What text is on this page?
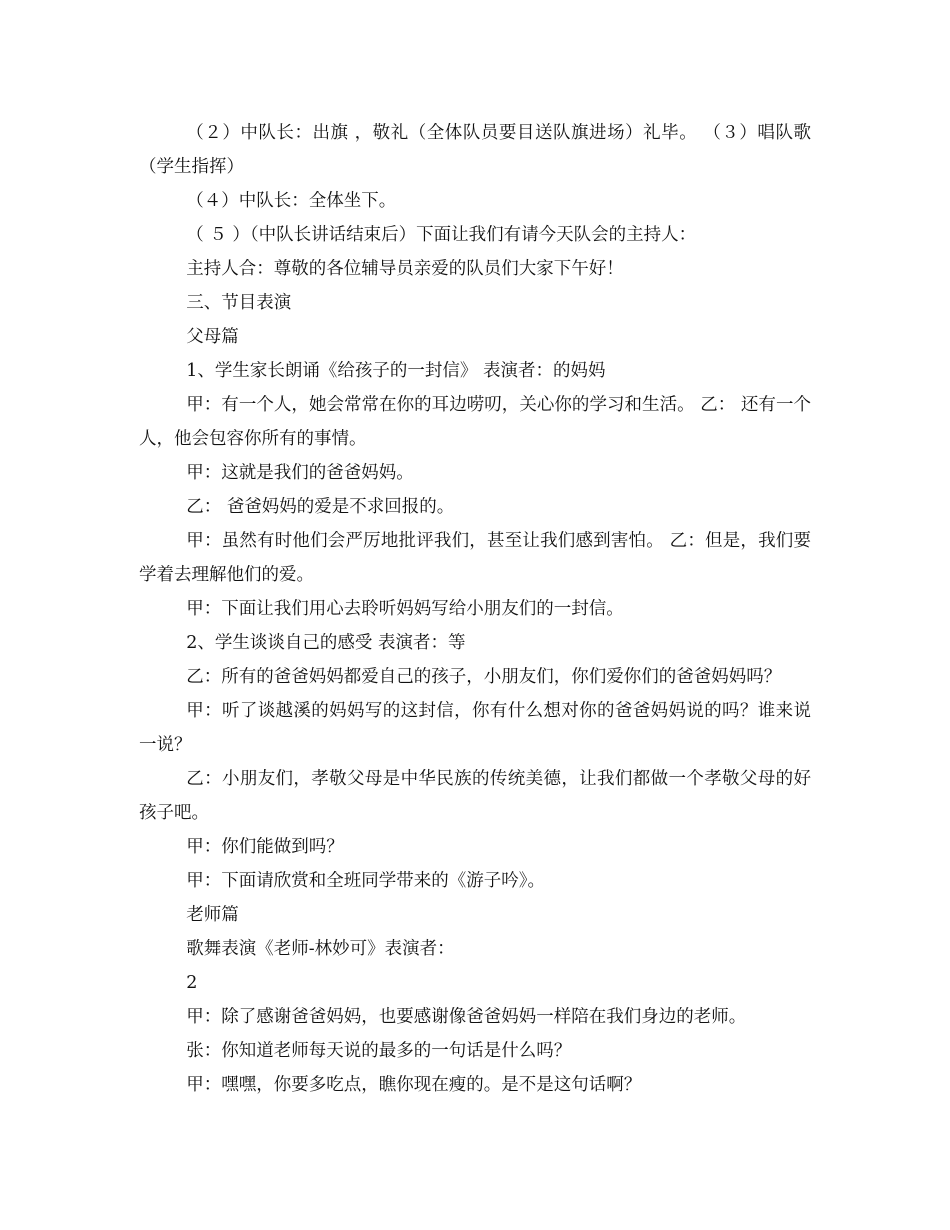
（２）中队长：出旗 ，敬礼（全体队员要目送队旗进场）礼毕。 （３）唱队歌（学生指挥）

（４）中队长：全体坐下。

（ ５ ）（中队长讲话结束后）下面让我们有请今天队会的主持人：

主持人合：尊敬的各位辅导员亲爱的队员们大家下午好！

三、节目表演

父母篇

1、学生家长朗诵《给孩子的一封信》 表演者：的妈妈

甲：有一个人，她会常常在你的耳边唠叨，关心你的学习和生活。 乙： 还有一个人，他会包容你所有的事情。

甲：这就是我们的爸爸妈妈。

乙： 爸爸妈妈的爱是不求回报的。

甲：虽然有时他们会严厉地批评我们，甚至让我们感到害怕。 乙：但是，我们要学着去理解他们的爱。

甲：下面让我们用心去聆听妈妈写给小朋友们的一封信。

2、学生谈谈自己的感受 表演者：等

乙：所有的爸爸妈妈都爱自己的孩子，小朋友们，你们爱你们的爸爸妈妈吗？

甲：听了谈越溪的妈妈写的这封信，你有什么想对你的爸爸妈妈说的吗？谁来说一说？

乙：小朋友们，孝敬父母是中华民族的传统美德，让我们都做一个孝敬父母的好孩子吧。

甲：你们能做到吗？

甲：下面请欣赏和全班同学带来的《游子吟》。

老师篇

歌舞表演《老师-林妙可》表演者：

2

甲：除了感谢爸爸妈妈，也要感谢像爸爸妈妈一样陪在我们身边的老师。

张：你知道老师每天说的最多的一句话是什么吗？

甲：嘿嘿，你要多吃点，瞧你现在瘦的。是不是这句话啊？
